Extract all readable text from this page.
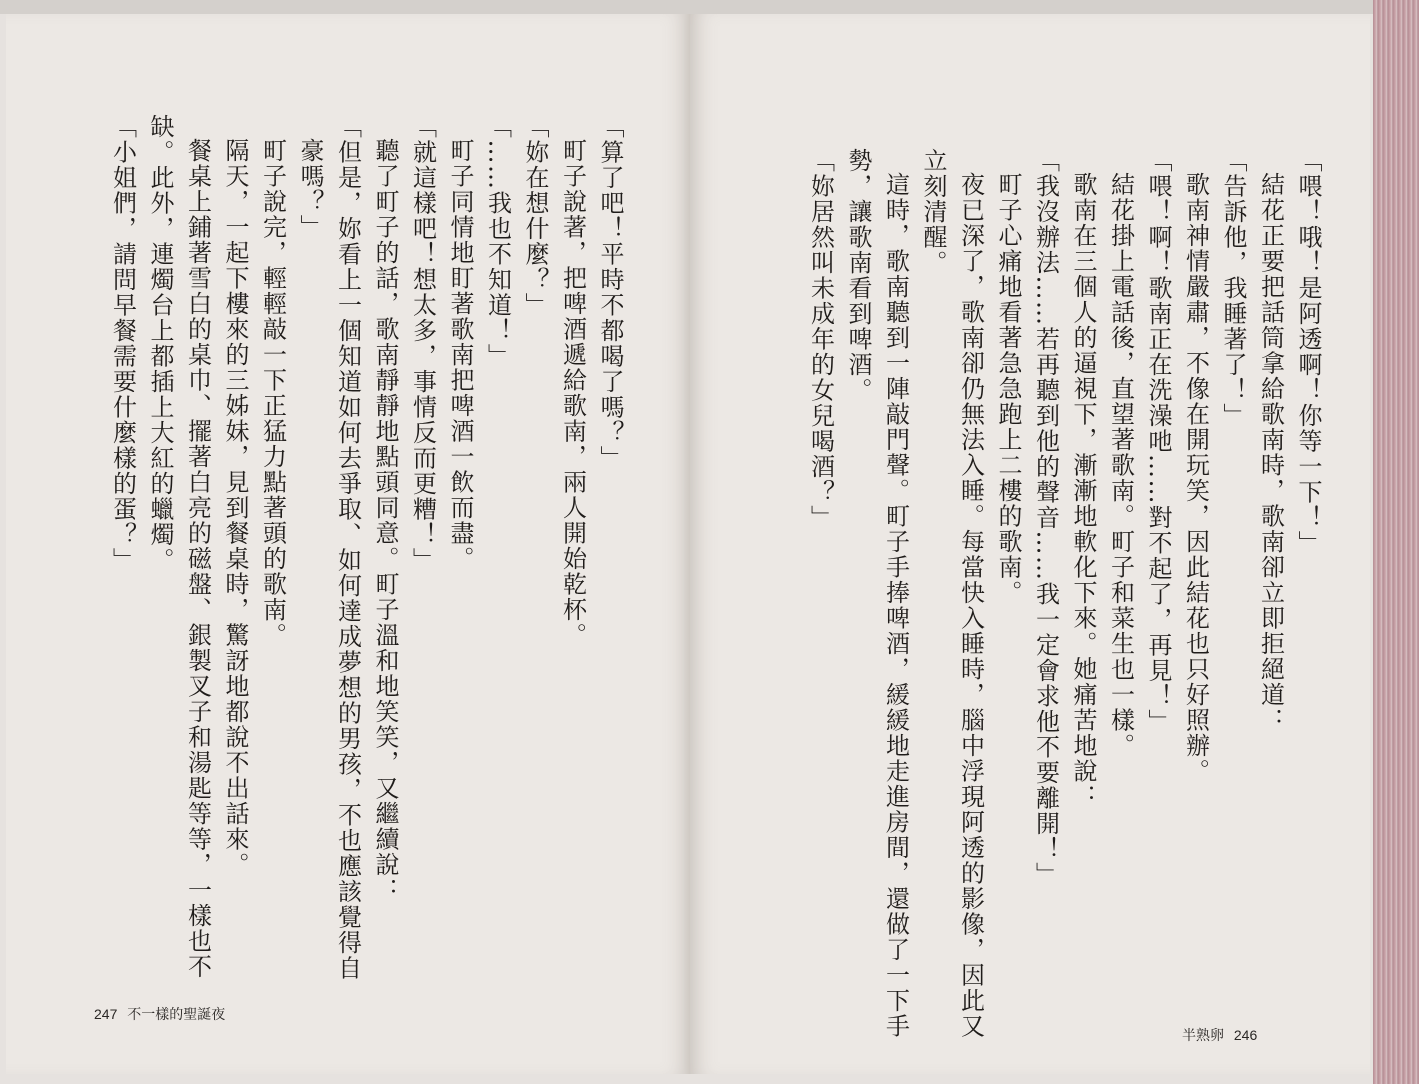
「算了吧！平時不都喝了嗎？」
町子說著，把啤酒遞給歌南，兩人開始乾杯。
「妳在想什麼？」
「……我也不知道！」
町子同情地盯著歌南把啤酒一飲而盡。
「就這樣吧！想太多，事情反而更糟！」
聽了町子的話，歌南靜靜地點頭同意。町子溫和地笑笑，又繼續說：
「但是，妳看上一個知道如何去爭取、如何達成夢想的男孩，不也應該覺得自
豪嗎？」
町子說完，輕輕敲一下正猛力點著頭的歌南。
隔天，一起下樓來的三姊妹，見到餐桌時，驚訝地都說不出話來。
餐桌上鋪著雪白的桌巾、擺著白亮的磁盤、銀製叉子和湯匙等等，一樣也不
缺。此外，連燭台上都插上大紅的蠟燭。
「小姐們，請問早餐需要什麼樣的蛋？」
247 不一樣的聖誕夜
「喂！哦！是阿透啊！你等一下！」
結花正要把話筒拿給歌南時，歌南卻立即拒絕道：
「告訴他，我睡著了！」
歌南神情嚴肅，不像在開玩笑，因此結花也只好照辦。
「喂！啊！歌南正在洗澡吔……對不起了，再見！」
結花掛上電話後，直望著歌南。町子和菜生也一樣。
歌南在三個人的逼視下，漸漸地軟化下來。她痛苦地說：
「我沒辦法……若再聽到他的聲音……我一定會求他不要離開！」
町子心痛地看著急急跑上二樓的歌南。
夜已深了，歌南卻仍無法入睡。每當快入睡時，腦中浮現阿透的影像，因此又
立刻清醒。
這時，歌南聽到一陣敲門聲。町子手捧啤酒，緩緩地走進房間，還做了一下手
勢，讓歌南看到啤酒。
「妳居然叫未成年的女兒喝酒？」
半熟卵 246
